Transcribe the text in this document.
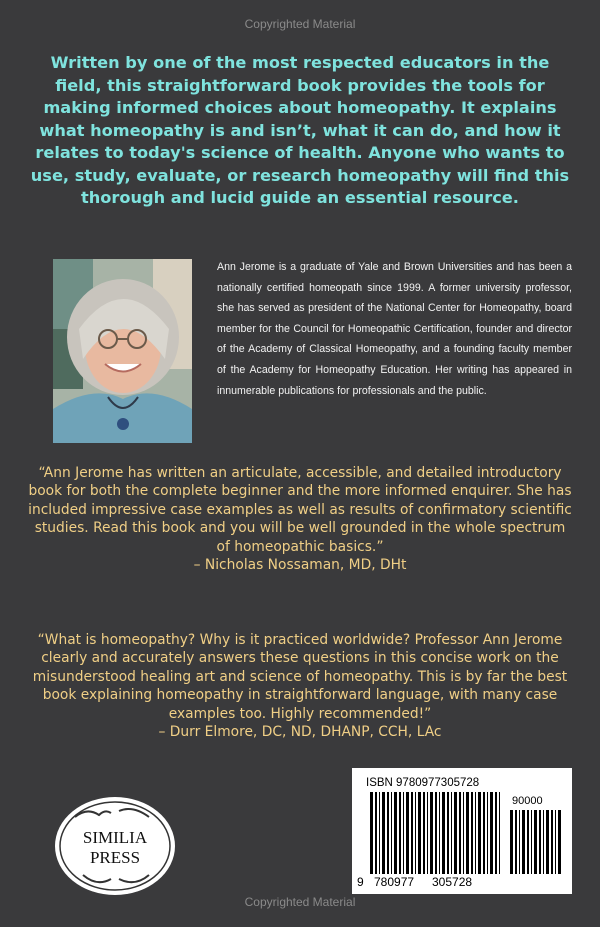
Copyrighted Material

Written by one of the most respected educators in the field, this straightforward book provides the tools for making informed choices about homeopathy. It explains what homeopathy is and isn’t, what it can do, and how it relates to today's science of health. Anyone who wants to use, study, evaluate, or research homeopathy will find this thorough and lucid guide an essential resource.

Ann Jerome is a graduate of Yale and Brown Universities and has been a nationally certified homeopath since 1999. A former university professor, she has served as president of the National Center for Homeopathy, board member for the Council for Homeopathic Certification, founder and director of the Academy of Classical Homeopathy, and a founding faculty member of the Academy for Homeopathy Education. Her writing has appeared in innumerable publications for professionals and the public.

“Ann Jerome has written an articulate, accessible, and detailed introductory book for both the complete beginner and the more informed enquirer. She has included impressive case examples as well as results of confirmatory scientific studies. Read this book and you will be well grounded in the whole spectrum of homeopathic basics.”
– Nicholas Nossaman, MD, DHt

“What is homeopathy? Why is it practiced worldwide? Professor Ann Jerome clearly and accurately answers these questions in this concise work on the misunderstood healing art and science of homeopathy. This is by far the best book explaining homeopathy in straightforward language, with many case examples too. Highly recommended!”
– Durr Elmore, DC, ND, DHANP, CCH, LAc

SIMILIA
PRESS
ISBN 9780977305728
90000
9 780977 305728
Copyrighted Material
